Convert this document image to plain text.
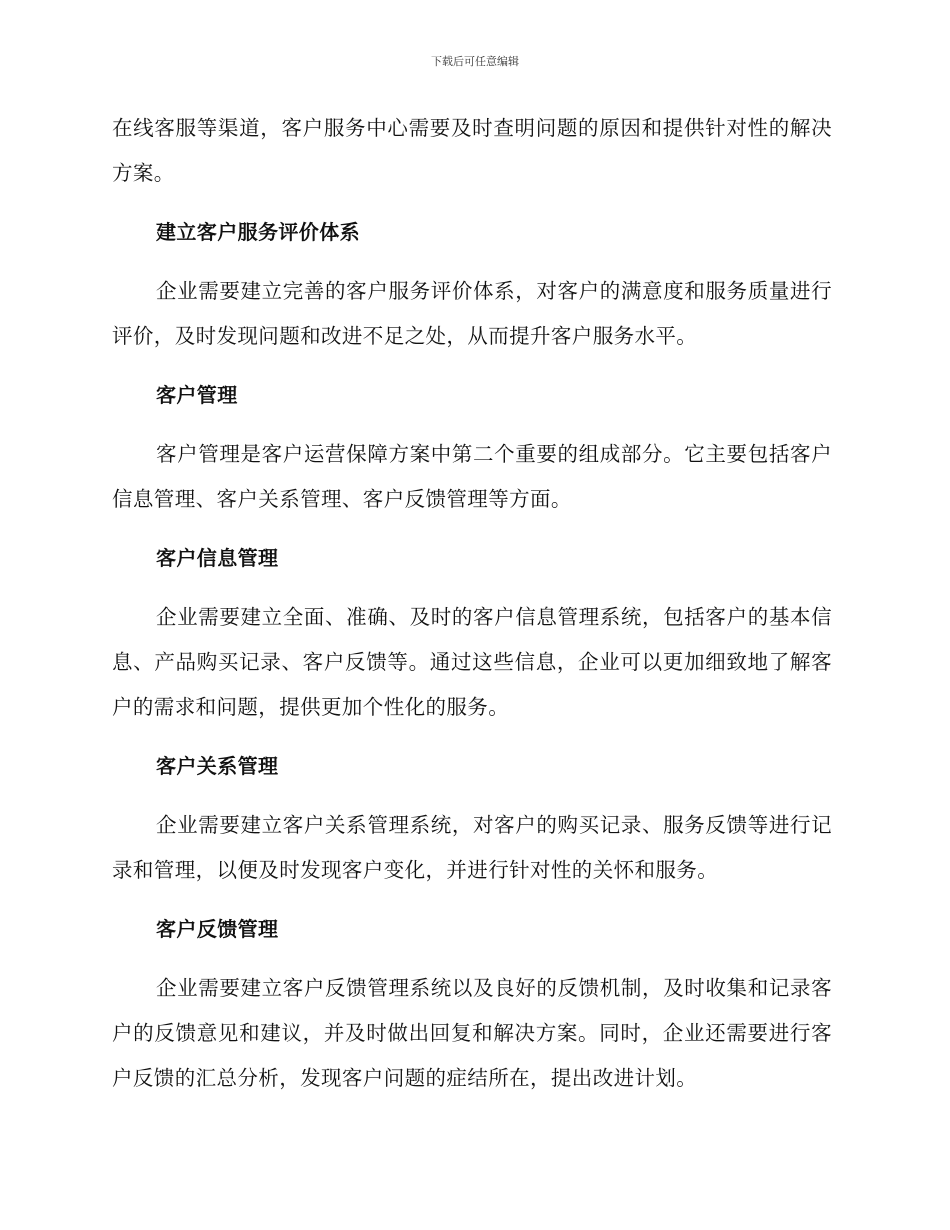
下载后可任意编辑

在线客服等渠道，客户服务中心需要及时查明问题的原因和提供针对性的解决方案。

建立客户服务评价体系

企业需要建立完善的客户服务评价体系，对客户的满意度和服务质量进行评价，及时发现问题和改进不足之处，从而提升客户服务水平。

客户管理

客户管理是客户运营保障方案中第二个重要的组成部分。它主要包括客户信息管理、客户关系管理、客户反馈管理等方面。

客户信息管理

企业需要建立全面、准确、及时的客户信息管理系统，包括客户的基本信息、产品购买记录、客户反馈等。通过这些信息，企业可以更加细致地了解客户的需求和问题，提供更加个性化的服务。

客户关系管理

企业需要建立客户关系管理系统，对客户的购买记录、服务反馈等进行记录和管理，以便及时发现客户变化，并进行针对性的关怀和服务。

客户反馈管理

企业需要建立客户反馈管理系统以及良好的反馈机制，及时收集和记录客户的反馈意见和建议，并及时做出回复和解决方案。同时，企业还需要进行客户反馈的汇总分析，发现客户问题的症结所在，提出改进计划。
